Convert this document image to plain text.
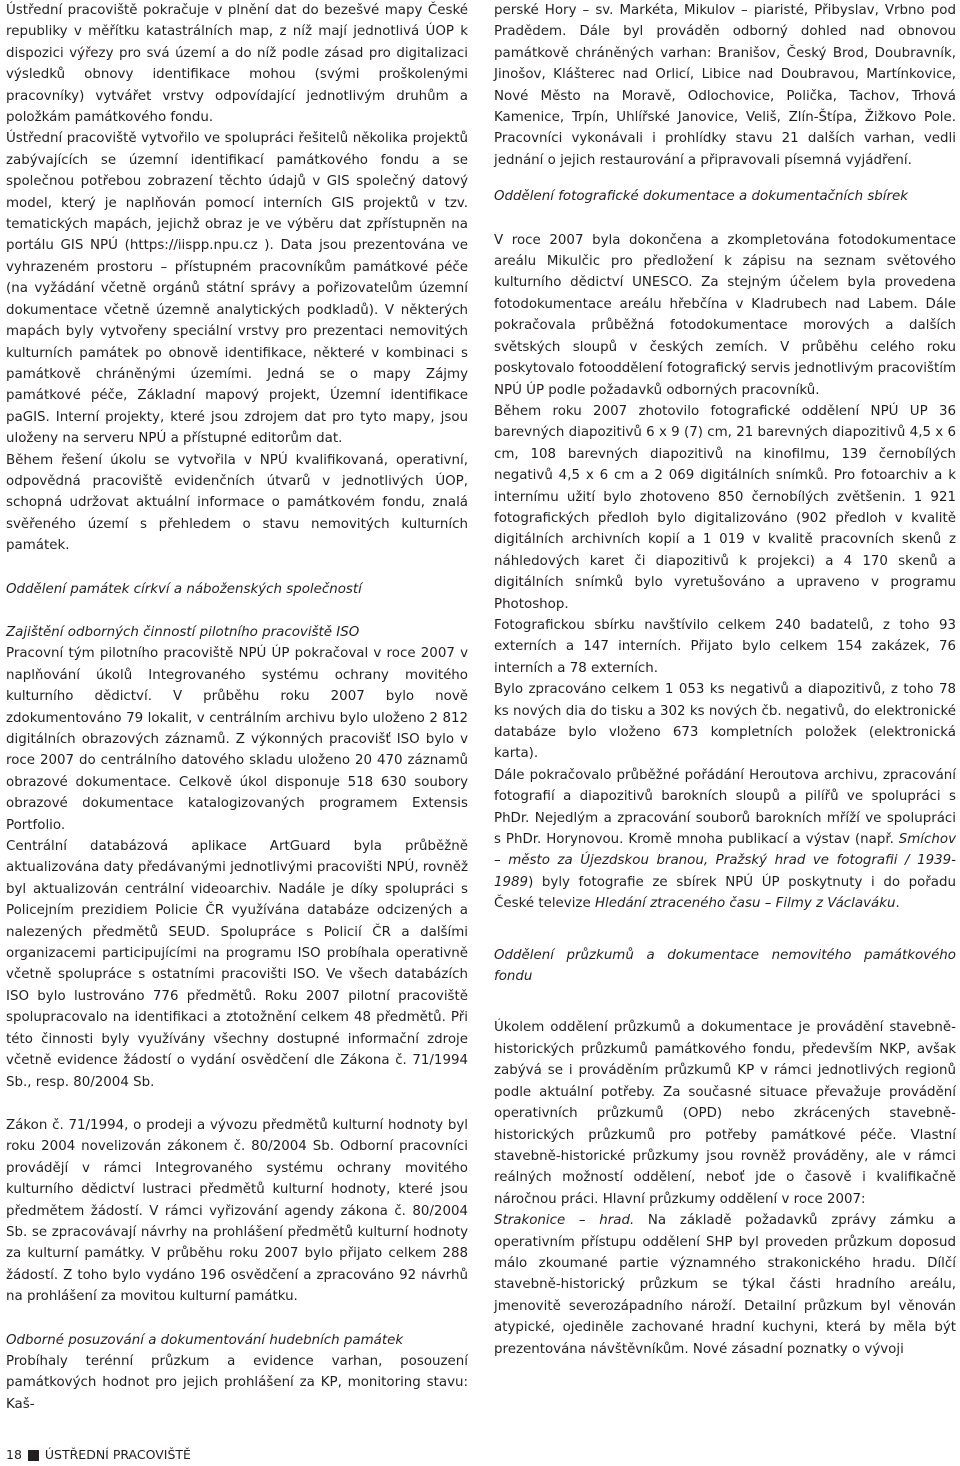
Ústřední pracoviště pokračuje v plnění dat do bezešvé mapy České republiky v měřítku katastrálních map, z níž mají jednotlivá ÚOP k dispozici výřezy pro svá území a do níž podle zásad pro digitalizaci výsledků obnovy identifikace mohou (svými proškolenými pracovníky) vytvářet vrstvy odpovídající jednotlivým druhům a položkám památkového fondu.

Ústřední pracoviště vytvořilo ve spolupráci řešitelů několika projektů zabývajících se územní identifikací památkového fondu a se společnou potřebou zobrazení těchto údajů v GIS společný datový model, který je naplňován pomocí interních GIS projektů v tzv. tematických mapách, jejichž obraz je ve výběru dat zpřístupněn na portálu GIS NPÚ (https://iispp.npu.cz ). Data jsou prezentována ve vyhrazeném prostoru – přístupném pracovníkům památkové péče (na vyžádání včetně orgánů státní správy a pořizovatelům územní dokumentace včetně územně analytických podkladů). V některých mapách byly vytvořeny speciální vrstvy pro prezentaci nemovitých kulturních památek po obnově identifikace, některé v kombinaci s památkově chráněnými územími. Jedná se o mapy Zájmy památkové péče, Základní mapový projekt, Územní identifikace paGIS. Interní projekty, které jsou zdrojem dat pro tyto mapy, jsou uloženy na serveru NPÚ a přístupné editorům dat.

Během řešení úkolu se vytvořila v NPÚ kvalifikovaná, operativní, odpovědná pracoviště evidenčních útvarů v jednotlivých ÚOP, schopná udržovat aktuální informace o památkovém fondu, znalá svěřeného území s přehledem o stavu nemovitých kulturních památek.

Oddělení památek církví a náboženských společností

Zajištění odborných činností pilotního pracoviště ISO

Pracovní tým pilotního pracoviště NPÚ ÚP pokračoval v roce 2007 v naplňování úkolů Integrovaného systému ochrany movitého kulturního dědictví. V průběhu roku 2007 bylo nově zdokumentováno 79 lokalit, v centrálním archivu bylo uloženo 2 812 digitálních obrazových záznamů. Z výkonných pracovišť ISO bylo v roce 2007 do centrálního datového skladu uloženo 20 470 záznamů obrazové dokumentace. Celkově úkol disponuje 518 630 soubory obrazové dokumentace katalogizovaných programem Extensis Portfolio.

Centrální databázová aplikace ArtGuard byla průběžně aktualizována daty předávanými jednotlivými pracovišti NPÚ, rovněž byl aktualizován centrální videoarchiv. Nadále je díky spolupráci s Policejním prezidiem Policie ČR využívána databáze odcizených a nalezených předmětů SEUD. Spolupráce s Policií ČR a dalšími organizacemi participujícími na programu ISO probíhala operativně včetně spolupráce s ostatními pracovišti ISO. Ve všech databázích ISO bylo lustrováno 776 předmětů. Roku 2007 pilotní pracoviště spolupracovalo na identifikaci a ztotožnění celkem 48 předmětů. Při této činnosti byly využívány všechny dostupné informační zdroje včetně evidence žádostí o vydání osvědčení dle Zákona č. 71/1994 Sb., resp. 80/2004 Sb.

Zákon č. 71/1994, o prodeji a vývozu předmětů kulturní hodnoty byl roku 2004 novelizován zákonem č. 80/2004 Sb. Odborní pracovníci provádějí v rámci Integrovaného systému ochrany movitého kulturního dědictví lustraci předmětů kulturní hodnoty, které jsou předmětem žádostí. V rámci vyřizování agendy zákona č. 80/2004 Sb. se zpracovávají návrhy na prohlášení předmětů kulturní hodnoty za kulturní památky. V průběhu roku 2007 bylo přijato celkem 288 žádostí. Z toho bylo vydáno 196 osvědčení a zpracováno 92 návrhů na prohlášení za movitou kulturní památku.

Odborné posuzování a dokumentování hudebních památek

Probíhaly terénní průzkum a evidence varhan, posouzení památkových hodnot pro jejich prohlášení za KP, monitoring stavu: Kaš-

perské Hory – sv. Markéta, Mikulov – piaristé, Přibyslav, Vrbno pod Pradědem. Dále byl prováděn odborný dohled nad obnovou památkově chráněných varhan: Branišov, Český Brod, Doubravník, Jinošov, Klášterec nad Orlicí, Libice nad Doubravou, Martínkovice, Nové Město na Moravě, Odlochovice, Polička, Tachov, Trhová Kamenice, Trpín, Uhlířské Janovice, Veliš, Zlín-Štípa, Žižkovo Pole. Pracovníci vykonávali i prohlídky stavu 21 dalších varhan, vedli jednání o jejich restaurování a připravovali písemná vyjádření.

Oddělení fotografické dokumentace a dokumentačních sbírek

V roce 2007 byla dokončena a zkompletována fotodokumentace areálu Mikulčic pro předložení k zápisu na seznam světového kulturního dědictví UNESCO. Za stejným účelem byla provedena fotodokumentace areálu hřebčína v Kladrubech nad Labem. Dále pokračovala průběžná fotodokumentace morových a dalších světských sloupů v českých zemích. V průběhu celého roku poskytovalo fotooddělení fotografický servis jednotlivým pracovištím NPÚ ÚP podle požadavků odborných pracovníků.

Během roku 2007 zhotovilo fotografické oddělení NPÚ UP 36 barevných diapozitivů 6 x 9 (7) cm, 21 barevných diapozitivů 4,5 x 6 cm, 108 barevných diapozitivů na kinofilmu, 139 černobílých negativů 4,5 x 6 cm a 2 069 digitálních snímků. Pro fotoarchiv a k internímu užití bylo zhotoveno 850 černobílých zvětšenin. 1 921 fotografických předloh bylo digitalizováno (902 předloh v kvalitě digitálních archivních kopií a 1 019 v kvalitě pracovních skenů z náhledových karet či diapozitivů k projekci) a 4 170 skenů a digitálních snímků bylo vyretušováno a upraveno v programu Photoshop.

Fotografickou sbírku navštívilo celkem 240 badatelů, z toho 93 externích a 147 interních. Přijato bylo celkem 154 zakázek, 76 interních a 78 externích.

Bylo zpracováno celkem 1 053 ks negativů a diapozitivů, z toho 78 ks nových dia do tisku a 302 ks nových čb. negativů, do elektronické databáze bylo vloženo 673 kompletních položek (elektronická karta).

Dále pokračovalo průběžné pořádání Heroutova archivu, zpracování fotografií a diapozitivů barokních sloupů a pilířů ve spolupráci s PhDr. Nejedlým a zpracování souborů barokních mříží ve spolupráci s PhDr. Horynovou. Kromě mnoha publikací a výstav (např. Smíchov – město za Újezdskou branou, Pražský hrad ve fotografii / 1939-1989) byly fotografie ze sbírek NPÚ ÚP poskytnuty i do pořadu České televize Hledání ztraceného času – Filmy z Václaváku.

Oddělení průzkumů a dokumentace nemovitého památkového fondu

Úkolem oddělení průzkumů a dokumentace je provádění stavebně-historických průzkumů památkového fondu, především NKP, avšak zabývá se i prováděním průzkumů KP v rámci jednotlivých regionů podle aktuální potřeby. Za současné situace převažuje provádění operativních průzkumů (OPD) nebo zkrácených stavebně-historických průzkumů pro potřeby památkové péče. Vlastní stavebně-historické průzkumy jsou rovněž prováděny, ale v rámci reálných možností oddělení, neboť jde o časově i kvalifikačně náročnou práci. Hlavní průzkumy oddělení v roce 2007:

Strakonice – hrad. Na základě požadavků zprávy zámku a operativním přístupu oddělení SHP byl proveden průzkum doposud málo zkoumané partie významného strakonického hradu. Dílčí stavebně-historický průzkum se týkal části hradního areálu, jmenovitě severozápadního nároží. Detailní průzkum byl věnován atypické, ojediněle zachované hradní kuchyni, která by měla být prezentována návštěvníkům. Nové zásadní poznatky o vývoji

18 ÚSTŘEDNÍ PRACOVIŠTĚ
